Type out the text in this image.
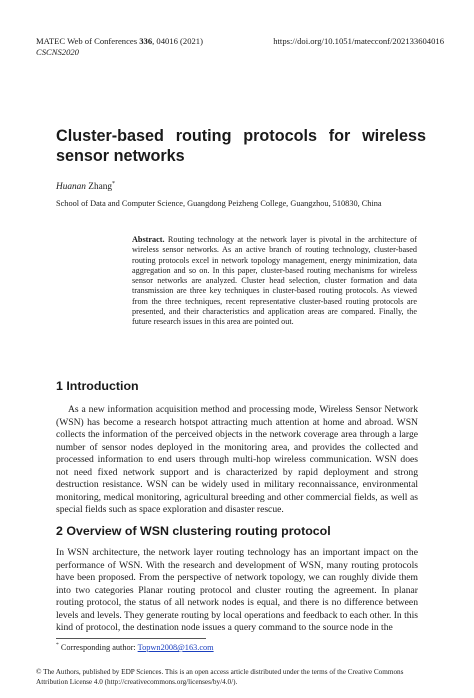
MATEC Web of Conferences 336, 04016 (2021)	https://doi.org/10.1051/matecconf/202133604016
CSCNS2020
Cluster-based routing protocols for wireless sensor networks
Huanan Zhang*
School of Data and Computer Science, Guangdong Peizheng College, Guangzhou, 510830, China
Abstract. Routing technology at the network layer is pivotal in the architecture of wireless sensor networks. As an active branch of routing technology, cluster-based routing protocols excel in network topology management, energy minimization, data aggregation and so on. In this paper, cluster-based routing mechanisms for wireless sensor networks are analyzed. Cluster head selection, cluster formation and data transmission are three key techniques in cluster-based routing protocols. As viewed from the three techniques, recent representative cluster-based routing protocols are presented, and their characteristics and application areas are compared. Finally, the future research issues in this area are pointed out.
1 Introduction
As a new information acquisition method and processing mode, Wireless Sensor Network (WSN) has become a research hotspot attracting much attention at home and abroad. WSN collects the information of the perceived objects in the network coverage area through a large number of sensor nodes deployed in the monitoring area, and provides the collected and processed information to end users through multi-hop wireless communication. WSN does not need fixed network support and is characterized by rapid deployment and strong destruction resistance. WSN can be widely used in military reconnaissance, environmental monitoring, medical monitoring, agricultural breeding and other commercial fields, as well as special fields such as space exploration and disaster rescue.
2 Overview of WSN clustering routing protocol
In WSN architecture, the network layer routing technology has an important impact on the performance of WSN. With the research and development of WSN, many routing protocols have been proposed. From the perspective of network topology, we can roughly divide them into two categories Planar routing protocol and cluster routing the agreement. In planar routing protocol, the status of all network nodes is equal, and there is no difference between levels and levels. They generate routing by local operations and feedback to each other. In this kind of protocol, the destination node issues a query command to the source node in the
* Corresponding author: Topwn2008@163.com
© The Authors, published by EDP Sciences. This is an open access article distributed under the terms of the Creative Commons
Attribution License 4.0 (http://creativecommons.org/licenses/by/4.0/).
